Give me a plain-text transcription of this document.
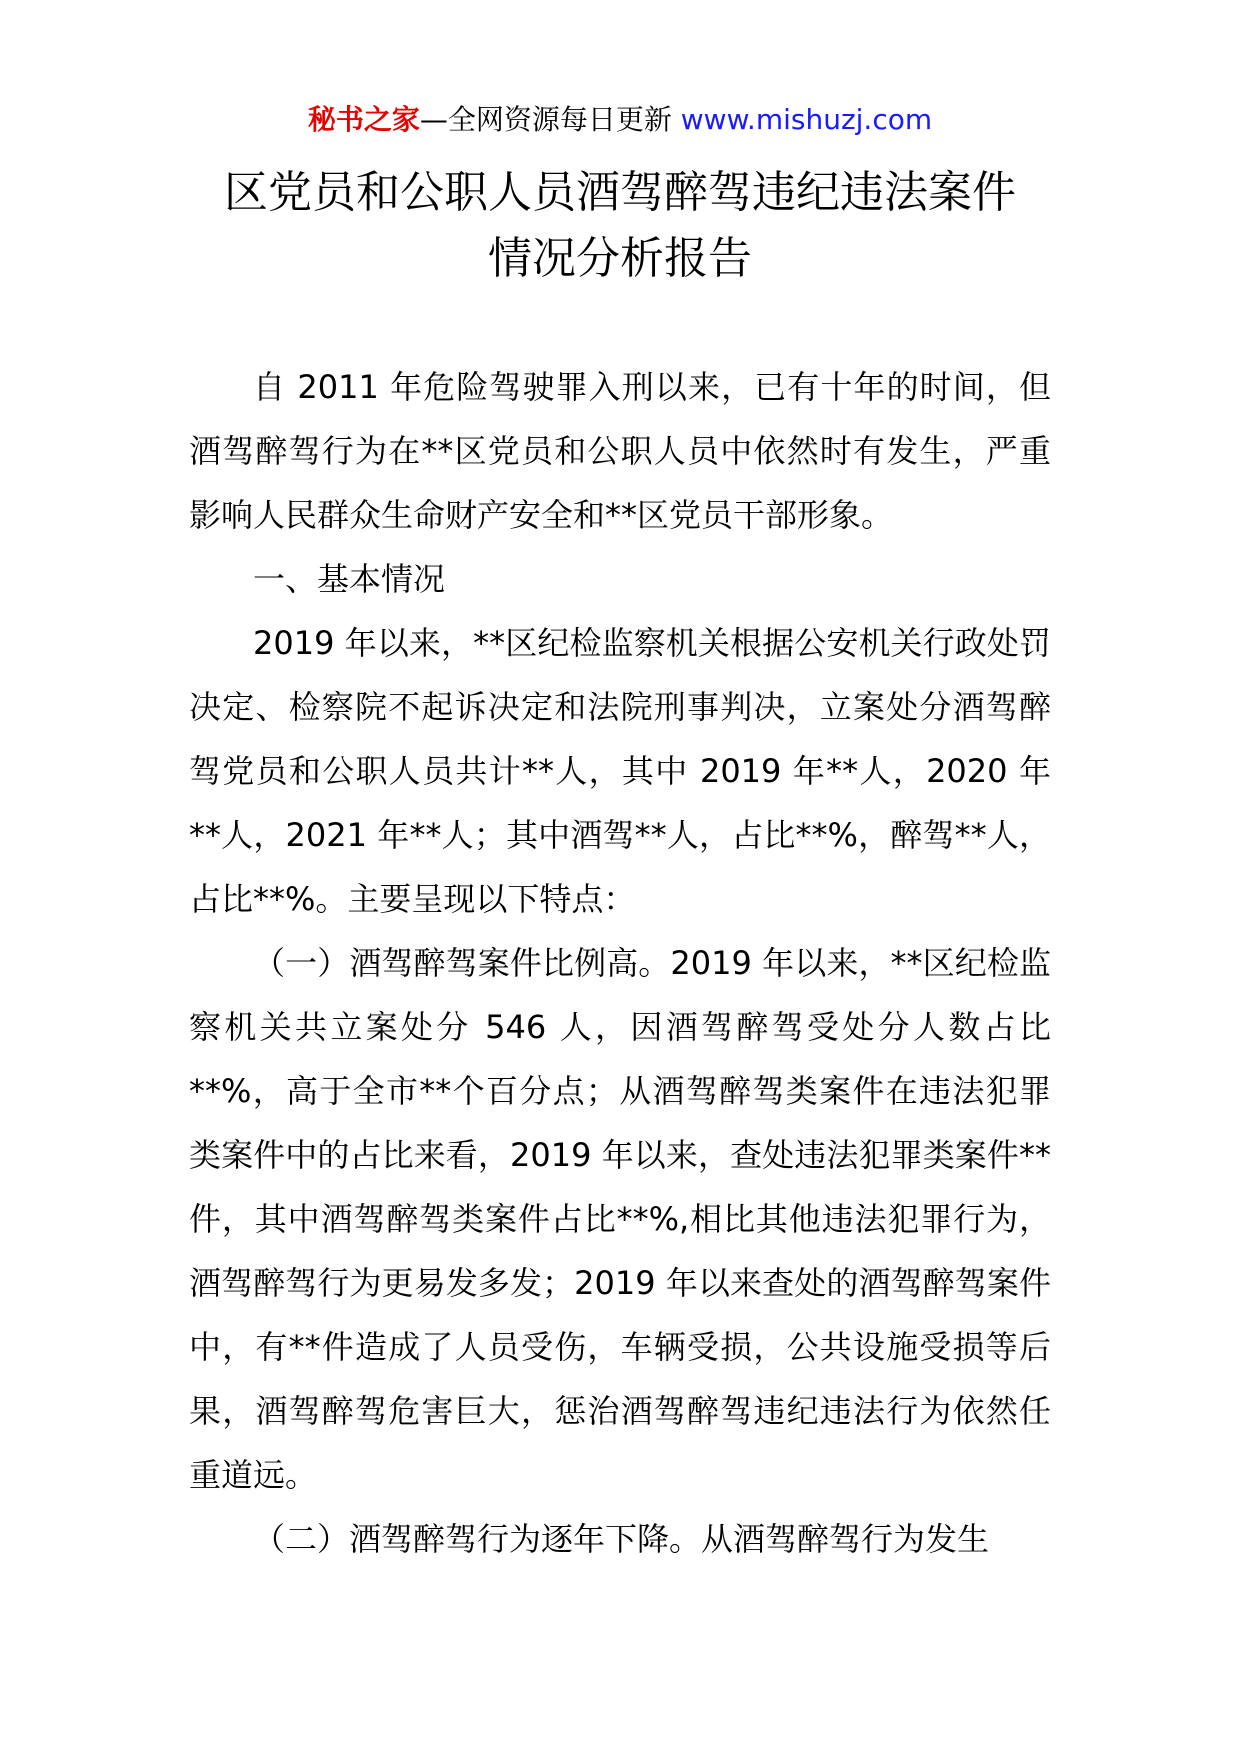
秘书之家—全网资源每日更新 www.mishuzj.com
区党员和公职人员酒驾醉驾违纪违法案件
情况分析报告

自 2011 年危险驾驶罪入刑以来，已有十年的时间，但酒驾醉驾行为在**区党员和公职人员中依然时有发生，严重影响人民群众生命财产安全和**区党员干部形象。

一、基本情况

2019 年以来，**区纪检监察机关根据公安机关行政处罚决定、检察院不起诉决定和法院刑事判决，立案处分酒驾醉驾党员和公职人员共计**人，其中 2019 年**人，2020 年**人，2021 年**人；其中酒驾**人，占比**%，醉驾**人，占比**%。主要呈现以下特点：

（一）酒驾醉驾案件比例高。2019 年以来，**区纪检监察机关共立案处分 546 人，因酒驾醉驾受处分人数占比**%，高于全市**个百分点；从酒驾醉驾类案件在违法犯罪类案件中的占比来看，2019 年以来，查处违法犯罪类案件**件，其中酒驾醉驾类案件占比**%,相比其他违法犯罪行为，酒驾醉驾行为更易发多发；2019 年以来查处的酒驾醉驾案件中，有**件造成了人员受伤，车辆受损，公共设施受损等后果，酒驾醉驾危害巨大，惩治酒驾醉驾违纪违法行为依然任重道远。

（二）酒驾醉驾行为逐年下降。从酒驾醉驾行为发生
